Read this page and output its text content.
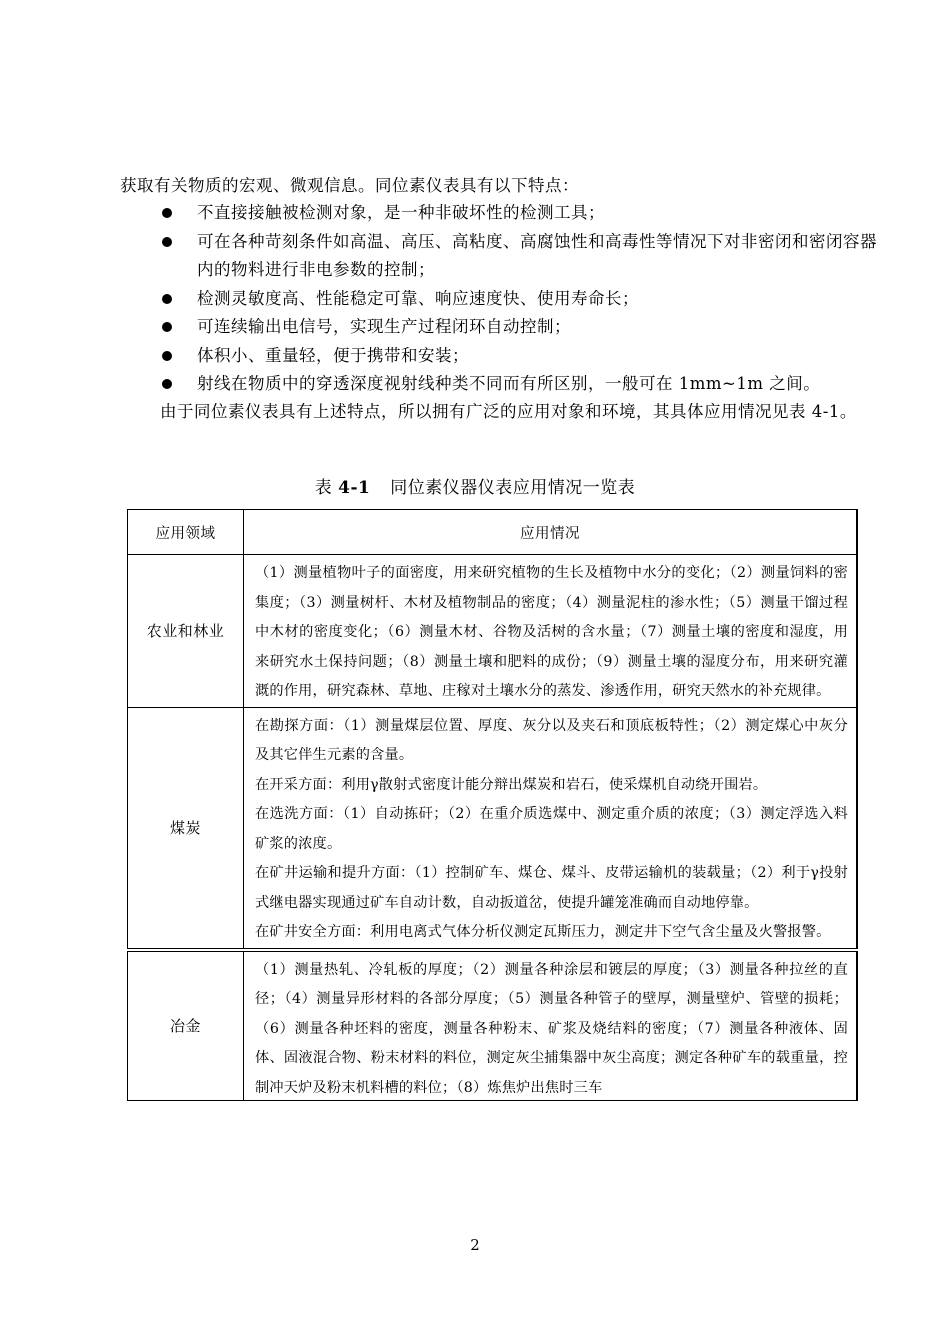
获取有关物质的宏观、微观信息。同位素仪表具有以下特点：

不直接接触被检测对象，是一种非破坏性的检测工具；
可在各种苛刻条件如高温、高压、高粘度、高腐蚀性和高毒性等情况下对非密闭和密闭容器内的物料进行非电参数的控制；
检测灵敏度高、性能稳定可靠、响应速度快、使用寿命长；
可连续输出电信号，实现生产过程闭环自动控制；
体积小、重量轻，便于携带和安装；
射线在物质中的穿透深度视射线种类不同而有所区别，一般可在 1mm~1m 之间。

由于同位素仪表具有上述特点，所以拥有广泛的应用对象和环境，其具体应用情况见表 4-1。

表 4-1 同位素仪器仪表应用情况一览表
应用领域	应用情况
农业和林业	（1）测量植物叶子的面密度，用来研究植物的生长及植物中水分的变化；（2）测量饲料的密集度；（3）测量树杆、木材及植物制品的密度；（4）测量泥柱的渗水性；（5）测量干馏过程中木材的密度变化；（6）测量木材、谷物及活树的含水量；（7）测量土壤的密度和湿度，用来研究水土保持问题；（8）测量土壤和肥料的成份；（9）测量土壤的湿度分布，用来研究灌溉的作用，研究森林、草地、庄稼对土壤水分的蒸发、渗透作用，研究天然水的补充规律。

煤炭	在勘探方面：（1）测量煤层位置、厚度、灰分以及夹石和顶底板特性；（2）测定煤心中灰分及其它伴生元素的含量。
在开采方面：利用γ散射式密度计能分辩出煤炭和岩石，使采煤机自动绕开围岩。
在选洗方面：（1）自动拣矸；（2）在重介质选煤中、测定重介质的浓度；（3）测定浮选入料矿浆的浓度。
在矿井运输和提升方面：（1）控制矿车、煤仓、煤斗、皮带运输机的装载量；（2）利于γ投射式继电器实现通过矿车自动计数，自动扳道岔，使提升罐笼准确而自动地停靠。
在矿井安全方面：利用电离式气体分析仪测定瓦斯压力，测定井下空气含尘量及火警报警。

冶金	（1）测量热轧、冷轧板的厚度；（2）测量各种涂层和镀层的厚度；（3）测量各种拉丝的直径；（4）测量异形材料的各部分厚度；（5）测量各种管子的壁厚，测量壁炉、管壁的损耗；（6）测量各种坯料的密度，测量各种粉末、矿浆及烧结料的密度；（7）测量各种液体、固体、固液混合物、粉末材料的料位，测定灰尘捕集器中灰尘高度；测定各种矿车的载重量，控制冲天炉及粉末机料槽的料位；（8）炼焦炉出焦时三车
2
